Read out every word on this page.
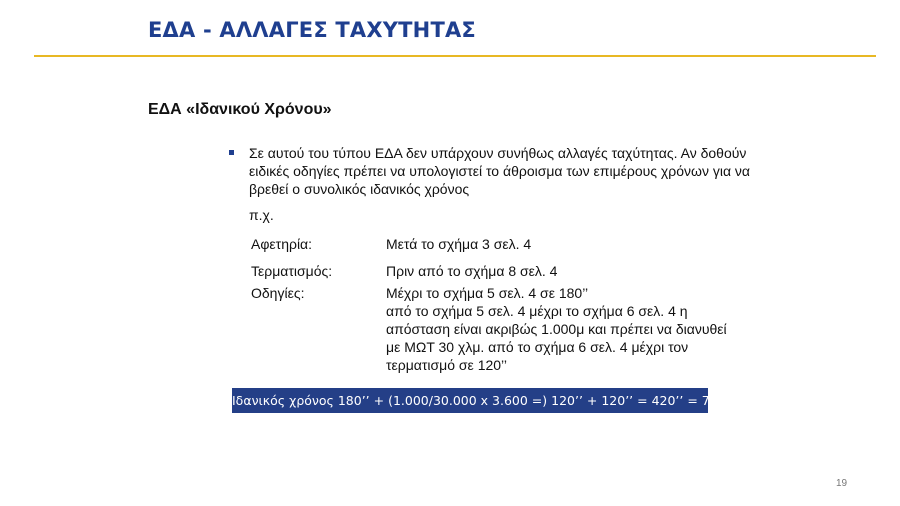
ΕΔΑ - ΑΛΛΑΓΕΣ ΤΑΧΥΤΗΤΑΣ
ΕΔΑ «Ιδανικού Χρόνου»
Σε αυτού του τύπου ΕΔΑ δεν υπάρχουν συνήθως αλλαγές ταχύτητας. Αν δοθούν
ειδικές οδηγίες πρέπει να υπολογιστεί το άθροισμα των επιμέρους χρόνων για να
βρεθεί ο συνολικός ιδανικός χρόνος
π.χ.
Αφετηρία:	Μετά το σχήμα 3 σελ. 4
Τερματισμός:	Πριν από το σχήμα 8 σελ. 4
Οδηγίες:	Μέχρι το σχήμα 5 σελ. 4 σε 180’’
από το σχήμα 5 σελ. 4 μέχρι το σχήμα 6 σελ. 4 η
απόσταση είναι ακριβώς 1.000μ και πρέπει να διανυθεί
με ΜΩΤ 30 χλμ. από το σχήμα 6 σελ. 4 μέχρι τον
τερματισμό σε 120’’
Ιδανικός χρόνος 180’’ + (1.000/30.000 x 3.600 =) 120’’ + 120’’ = 420’’ = 7’
19
